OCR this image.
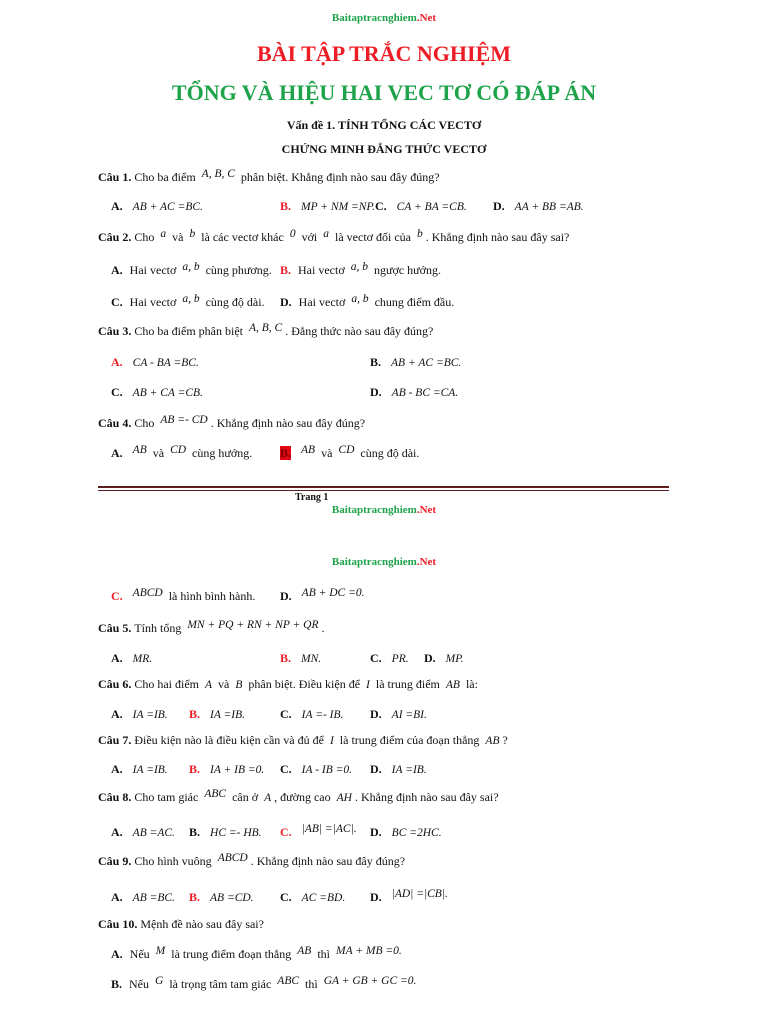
Baitaptracnghiem.Net
BÀI TẬP TRẮC NGHIỆM
TỔNG VÀ HIỆU HAI VEC TƠ CÓ ĐÁP ÁN
Vấn đề 1. TÍNH TỔNG CÁC VECTƠ
CHỨNG MINH ĐẲNG THỨC VECTƠ
Câu 1. Cho ba điểm A, B, C phân biệt. Khẳng định nào sau đây đúng?
A. AB + AC =BC.	B. MP + NM =NP. C. CA + BA =CB. D. AA + BB =AB.
Câu 2. Cho a và b là các vectơ khác 0 với a là vectơ đối của b . Khẳng định nào sau đây sai?
A. Hai vectơ a, b cùng phương. B. Hai vectơ a, b ngược hướng.
C. Hai vectơ a, b cùng độ dài. D. Hai vectơ a, b chung điểm đầu.
Câu 3. Cho ba điểm phân biệt A, B, C . Đẳng thức nào sau đây đúng?
A. CA - BA =BC.	B. AB + AC =BC.
C. AB + CA =CB.	D. AB - BC =CA.
Câu 4. Cho AB =- CD . Khẳng định nào sau đây đúng?
A. AB và CD cùng hướng. B. AB và CD cùng độ dài.
Trang 1
Baitaptracnghiem.Net
Baitaptracnghiem.Net
C. ABCD là hình bình hành. D. AB + DC =0.
Câu 5. Tính tổng MN + PQ + RN + NP + QR .
A. MR.	B. MN.	C. PR. D. MP.
Câu 6. Cho hai điểm A và B phân biệt. Điều kiện để I là trung điểm AB là:
A. IA =IB. B. IA =IB.	C. IA =- IB. D. AI =BI.
Câu 7. Điều kiện nào là điều kiện cần và đủ để I là trung điểm của đoạn thẳng AB ?
A. IA =IB. B. IA + IB =0. C. IA - IB =0. D. IA =IB.
Câu 8. Cho tam giác ABC cân ở A , đường cao AH . Khẳng định nào sau đây sai?
A. AB =AC. B. HC =- HB. C. |AB| =|AC|. D. BC =2HC.
Câu 9. Cho hình vuông ABCD . Khẳng định nào sau đây đúng?
A. AB =BC. B. AB =CD. C. AC =BD. D. |AD| =|CB|.
Câu 10. Mệnh đề nào sau đây sai?
A. Nếu M là trung điểm đoạn thẳng AB thì MA + MB =0.
B. Nếu G là trọng tâm tam giác ABC thì GA + GB + GC =0.
